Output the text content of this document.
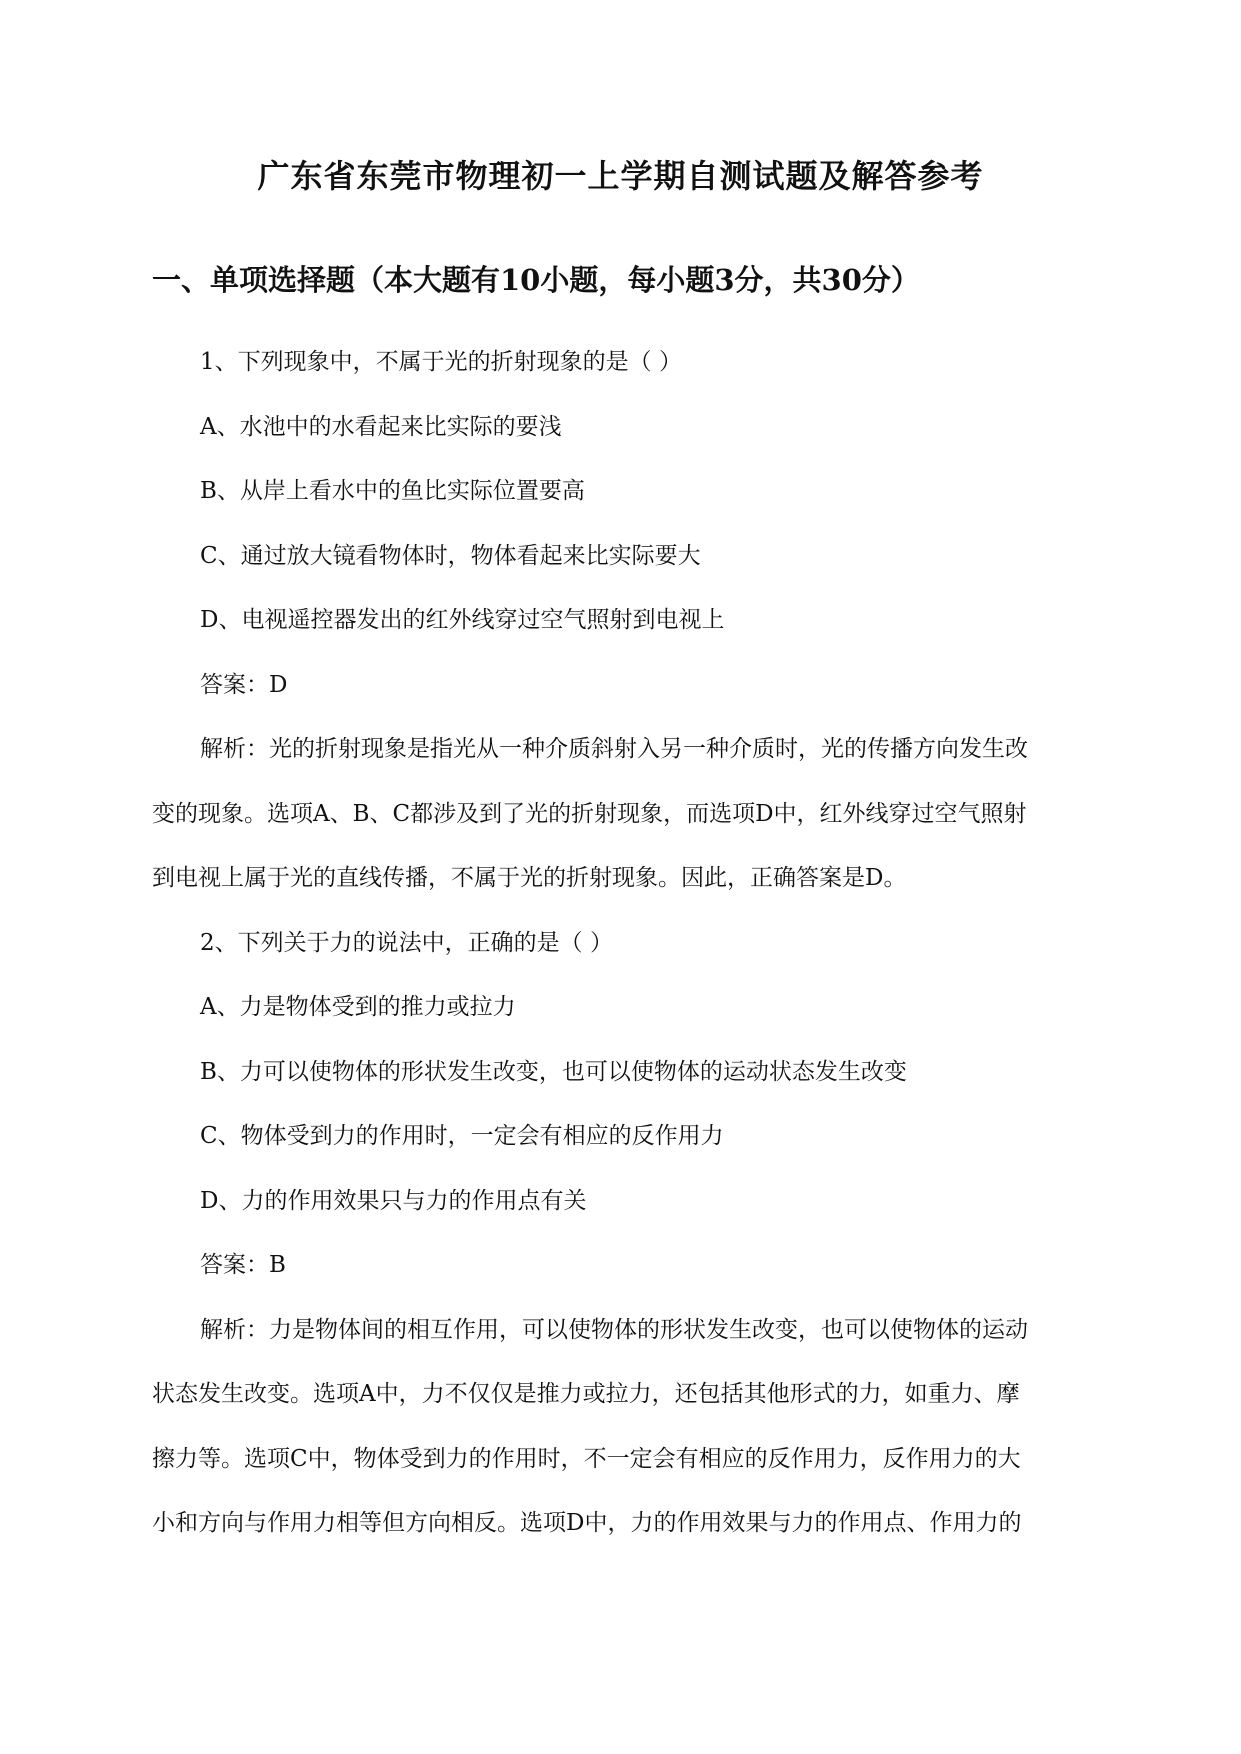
广东省东莞市物理初一上学期自测试题及解答参考
一、单项选择题（本大题有10小题，每小题3分，共30分）
1、下列现象中，不属于光的折射现象的是（ ）
A、水池中的水看起来比实际的要浅
B、从岸上看水中的鱼比实际位置要高
C、通过放大镜看物体时，物体看起来比实际要大
D、电视遥控器发出的红外线穿过空气照射到电视上
答案：D
解析：光的折射现象是指光从一种介质斜射入另一种介质时，光的传播方向发生改
变的现象。选项A、B、C都涉及到了光的折射现象，而选项D中，红外线穿过空气照射
到电视上属于光的直线传播，不属于光的折射现象。因此，正确答案是D。
2、下列关于力的说法中，正确的是（ ）
A、力是物体受到的推力或拉力
B、力可以使物体的形状发生改变，也可以使物体的运动状态发生改变
C、物体受到力的作用时，一定会有相应的反作用力
D、力的作用效果只与力的作用点有关
答案：B
解析：力是物体间的相互作用，可以使物体的形状发生改变，也可以使物体的运动
状态发生改变。选项A中，力不仅仅是推力或拉力，还包括其他形式的力，如重力、摩
擦力等。选项C中，物体受到力的作用时，不一定会有相应的反作用力，反作用力的大
小和方向与作用力相等但方向相反。选项D中，力的作用效果与力的作用点、作用力的
